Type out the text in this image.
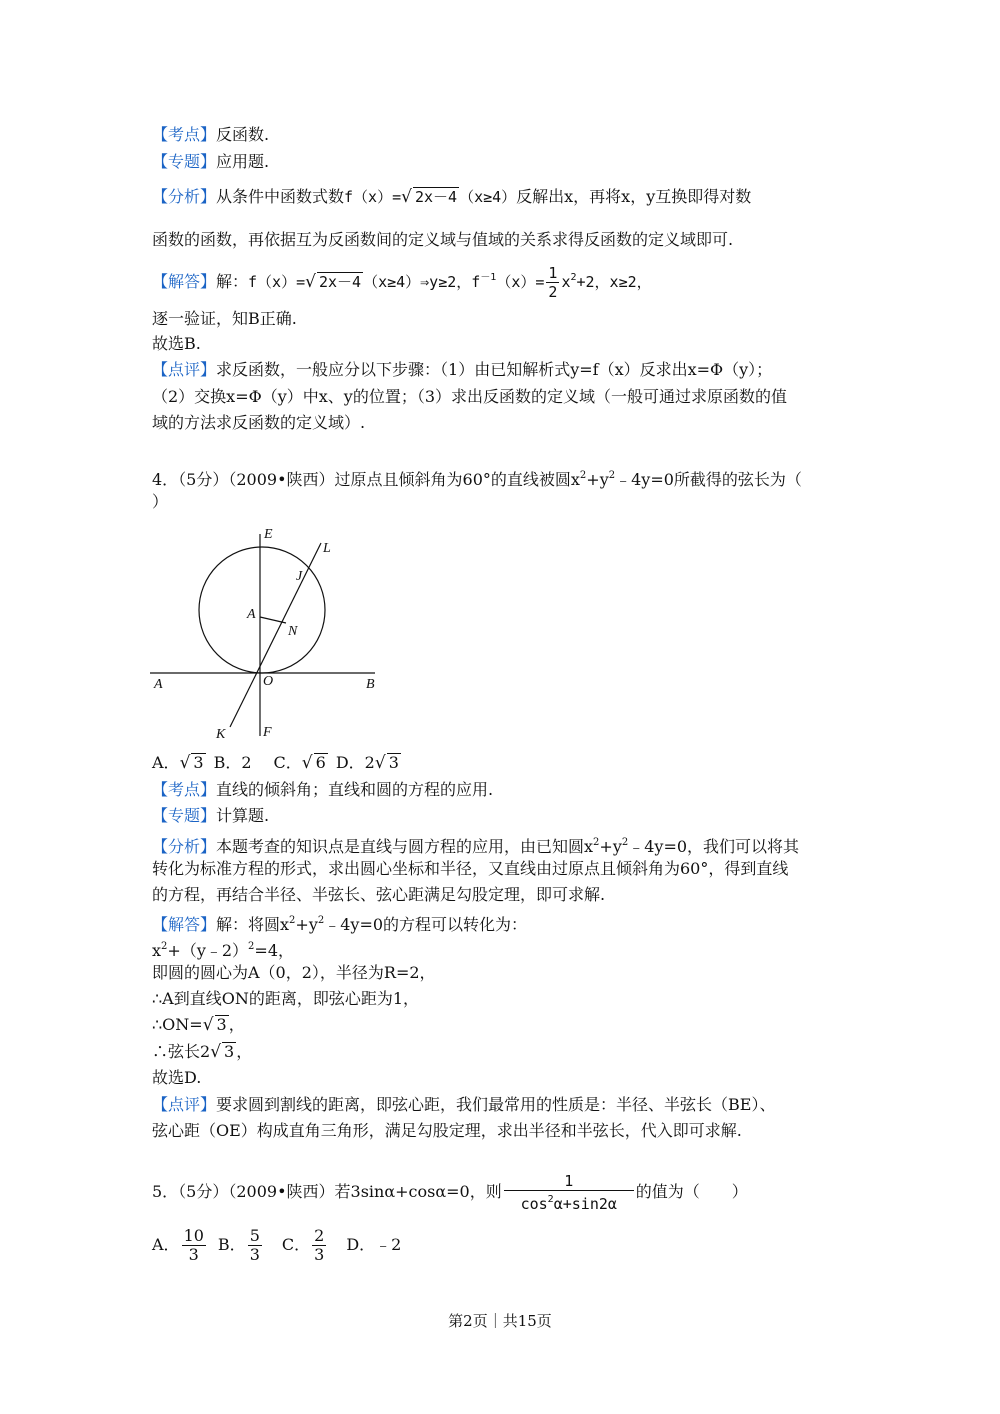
【考点】反函数.
【专题】应用题.
【分析】从条件中函数式数f（x）=√ 2x－4 （x≥4）反解出x，再将x，y互换即得对数
函数的函数，再依据互为反函数间的定义域与值域的关系求得反函数的定义域即可.
【解答】解：f（x）=√ 2x－4 （x≥4）⇒y≥2，$f^{-1}(x)= \frac{1}{2} x^2+2$，x≥2，
逐一验证，知B正确.
故选B.
【点评】求反函数，一般应分以下步骤：（1）由已知解析式y=f（x）反求出x=Φ（y）；
（2）交换x=Φ（y）中x、y的位置；（3）求出反函数的定义域（一般可通过求原函数的值
域的方法求反函数的定义域）.
4．（5分）（2009•陕西）过原点且倾斜角为60°的直线被圆$x^2+y^2﹣4y=0$所截得的弦长为（
）
E
L
J
A
N
A	O	B
K	F
A．√ 3 B．2 C．√ 6 D．2√ 3
【考点】直线的倾斜角；直线和圆的方程的应用.
【专题】计算题.
【分析】本题考查的知识点是直线与圆方程的应用，由已知圆$x^2+y^2﹣4y=0$，我们可以将其
转化为标准方程的形式，求出圆心坐标和半径，又直线由过原点且倾斜角为60°，得到直线
的方程，再结合半径、半弦长、弦心距满足勾股定理，即可求解.
【解答】解：将圆$x^2+y^2﹣4y=0$的方程可以转化为：
$x^2+(y﹣2)^2=4$，
即圆的圆心为A（0，2），半径为R=2，
∴A到直线ON的距离，即弦心距为1，
∴ON=√ 3 ，
∴弦长2√ 3 ，
故选D.
【点评】要求圆到割线的距离，即弦心距，我们最常用的性质是：半径、半弦长（BE）、
弦心距（OE）构成直角三角形，满足勾股定理，求出半径和半弦长，代入即可求解.
5．（5分）（2009•陕西）若3sinα+cosα=0，则 $\frac{1}{\cos^2\alpha+\sin 2\alpha}$ 的值为（　　）
A． $\frac{10}{3}$ B． $\frac{5}{3}$ C． $\frac{2}{3}$ D．﹣2
第2页｜共15页
